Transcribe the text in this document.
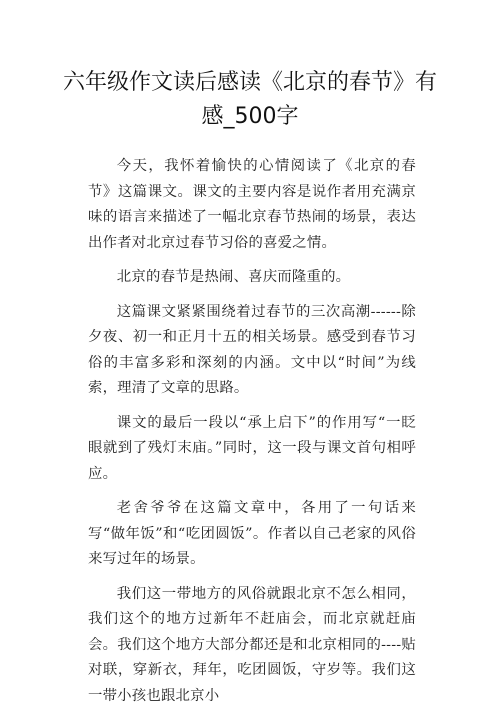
六年级作文读后感读《北京的春节》有感_500字

今天，我怀着愉快的心情阅读了《北京的春节》这篇课文。课文的主要内容是说作者用充满京味的语言来描述了一幅北京春节热闹的场景，表达出作者对北京过春节习俗的喜爱之情。

北京的春节是热闹、喜庆而隆重的。

这篇课文紧紧围绕着过春节的三次高潮------除夕夜、初一和正月十五的相关场景。感受到春节习俗的丰富多彩和深刻的内涵。文中以“时间”为线索，理清了文章的思路。

课文的最后一段以“承上启下”的作用写“一眨眼就到了残灯末庙。”同时，这一段与课文首句相呼应。

老舍爷爷在这篇文章中，各用了一句话来写“做年饭”和“吃团圆饭”。作者以自己老家的风俗来写过年的场景。

我们这一带地方的风俗就跟北京不怎么相同，我们这个的地方过新年不赶庙会，而北京就赶庙会。我们这个地方大部分都还是和北京相同的----贴对联，穿新衣，拜年，吃团圆饭，守岁等。我们这一带小孩也跟北京小
